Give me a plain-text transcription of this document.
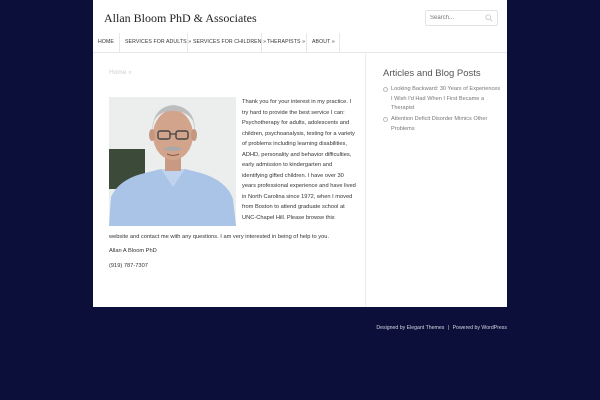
Allan Bloom PhD & Associates
Search...
HOME	SERVICES FOR ADULTS » SERVICES FOR CHILDREN » THERAPISTS »	ABOUT »
Home »
Thank you for your interest in my practice. I try hard to provide the best service I can: Psychotherapy for adults, adolescents and children, psychoanalysis, testing for a variety of problems including learning disabilities, ADHD, personality and behavior difficulties, early admission to kindergarten and identifying gifted children. I have over 30 years professional experience and have lived in North Carolina since 1972, when I moved from Boston to attend graduate school at UNC-Chapel Hill. Please browse this
website and contact me with any questions. I am very interested in being of help to you.
Allan A Bloom PhD
(919) 787-7307
Articles and Blog Posts
Looking Backward: 30 Years of Experiences I Wish I'd Had When I First Became a Therapist
Attention Deficit Disorder Mimics Other Problems
Designed by Elegant Themes | Powered by WordPress
